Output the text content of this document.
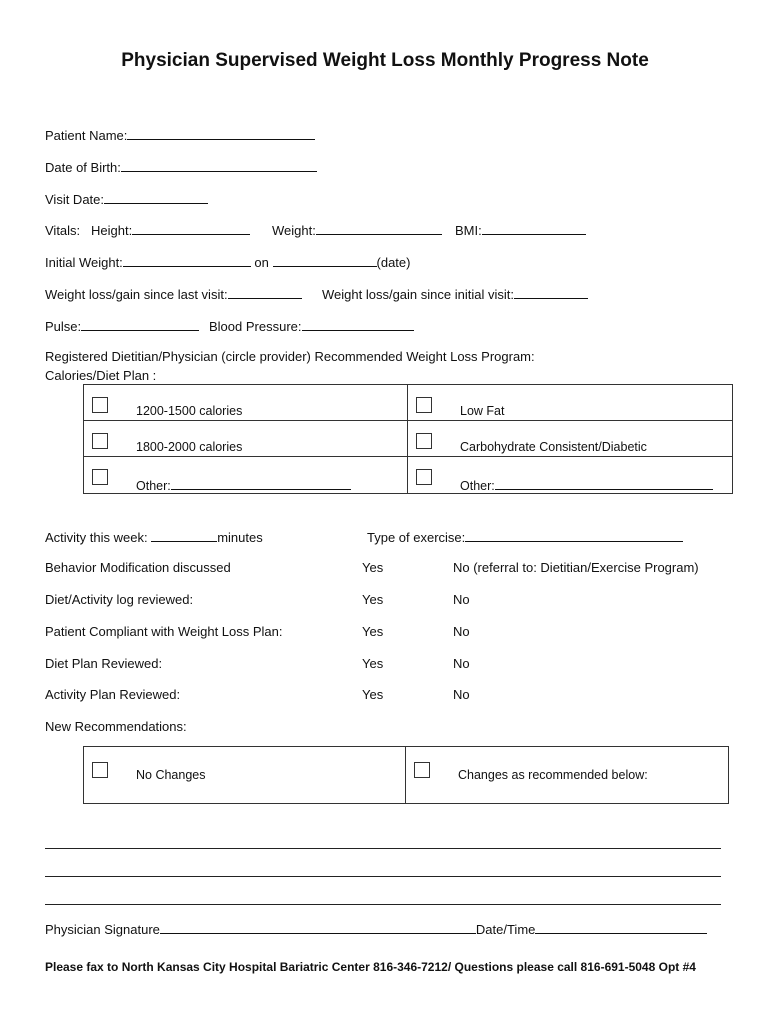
Physician Supervised Weight Loss Monthly Progress Note
Patient Name:
Date of Birth:
Visit Date:
Vitals: Height:	Weight:	BMI:
Initial Weight:	on	(date)
Weight loss/gain since last visit:	Weight loss/gain since initial visit:
Pulse:	Blood Pressure:
Registered Dietitian/Physician (circle provider) Recommended Weight Loss Program:
Calories/Diet Plan :
1200-1500 calories	Low Fat
1800-2000 calories	Carbohydrate Consistent/Diabetic
Other:	Other:
Activity this week:	minutes	Type of exercise:
Behavior Modification discussed	Yes	No (referral to: Dietitian/Exercise Program)
Diet/Activity log reviewed:	Yes	No
Patient Compliant with Weight Loss Plan:	Yes	No
Diet Plan Reviewed:	Yes	No
Activity Plan Reviewed:	Yes	No
New Recommendations:
No Changes	Changes as recommended below:
Physician Signature	Date/Time
Please fax to North Kansas City Hospital Bariatric Center 816-346-7212/ Questions please call 816-691-5048 Opt #4
